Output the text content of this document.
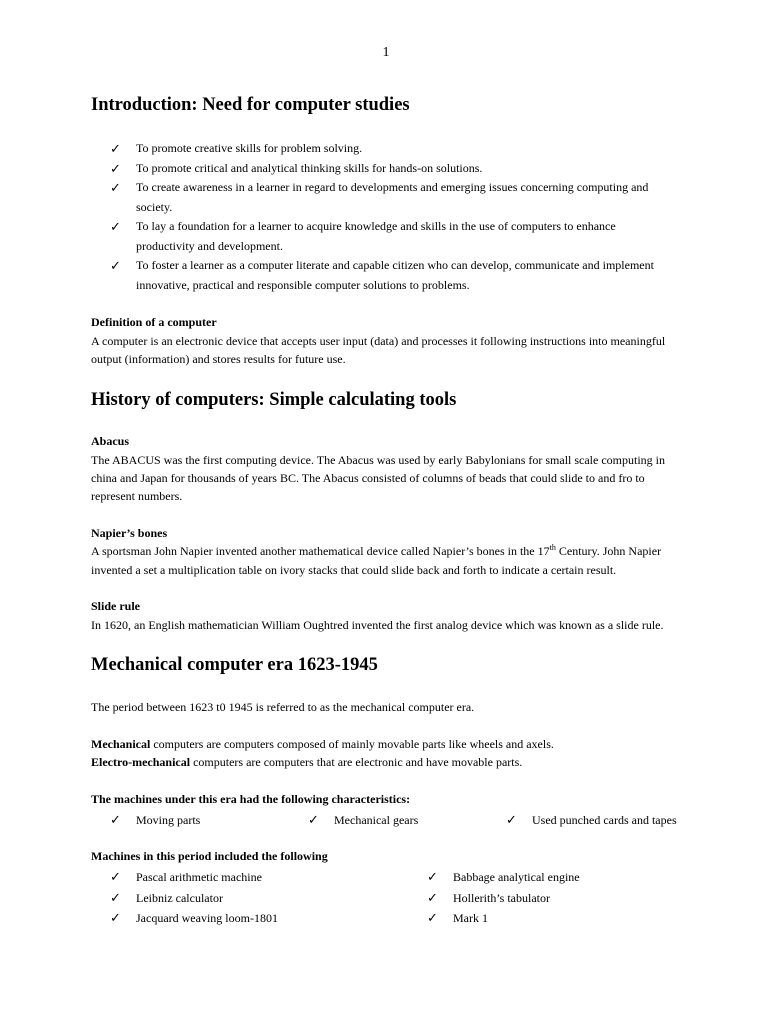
1
Introduction: Need for computer studies
✓ To promote creative skills for problem solving.
✓ To promote critical and analytical thinking skills for hands-on solutions.
✓ To create awareness in a learner in regard to developments and emerging issues concerning computing and
society.
✓ To lay a foundation for a learner to acquire knowledge and skills in the use of computers to enhance
productivity and development.
✓ To foster a learner as a computer literate and capable citizen who can develop, communicate and implement
innovative, practical and responsible computer solutions to problems.

Definition of a computer

A computer is an electronic device that accepts user input (data) and processes it following instructions into meaningful

output (information) and stores results for future use.

History of computers: Simple calculating tools

Abacus

The ABACUS was the first computing device. The Abacus was used by early Babylonians for small scale computing in

china and Japan for thousands of years BC. The Abacus consisted of columns of beads that could slide to and fro to

represent numbers.

Napier’s bones

A sportsman John Napier invented another mathematical device called Napier’s bones in the 17th Century. John Napier

invented a set a multiplication table on ivory stacks that could slide back and forth to indicate a certain result.

Slide rule

In 1620, an English mathematician William Oughtred invented the first analog device which was known as a slide rule.

Mechanical computer era 1623-1945

The period between 1623 t0 1945 is referred to as the mechanical computer era.

Mechanical computers are computers composed of mainly movable parts like wheels and axels.

Electro-mechanical computers are computers that are electronic and have movable parts.

The machines under this era had the following characteristics:

✓ Moving parts	✓ Mechanical gears	✓ Used punched cards and tapes

Machines in this period included the following

✓ Pascal arithmetic machine
✓ Leibniz calculator
✓ Jacquard weaving loom-1801
✓ Babbage analytical engine
✓ Hollerith’s tabulator
✓ Mark 1
